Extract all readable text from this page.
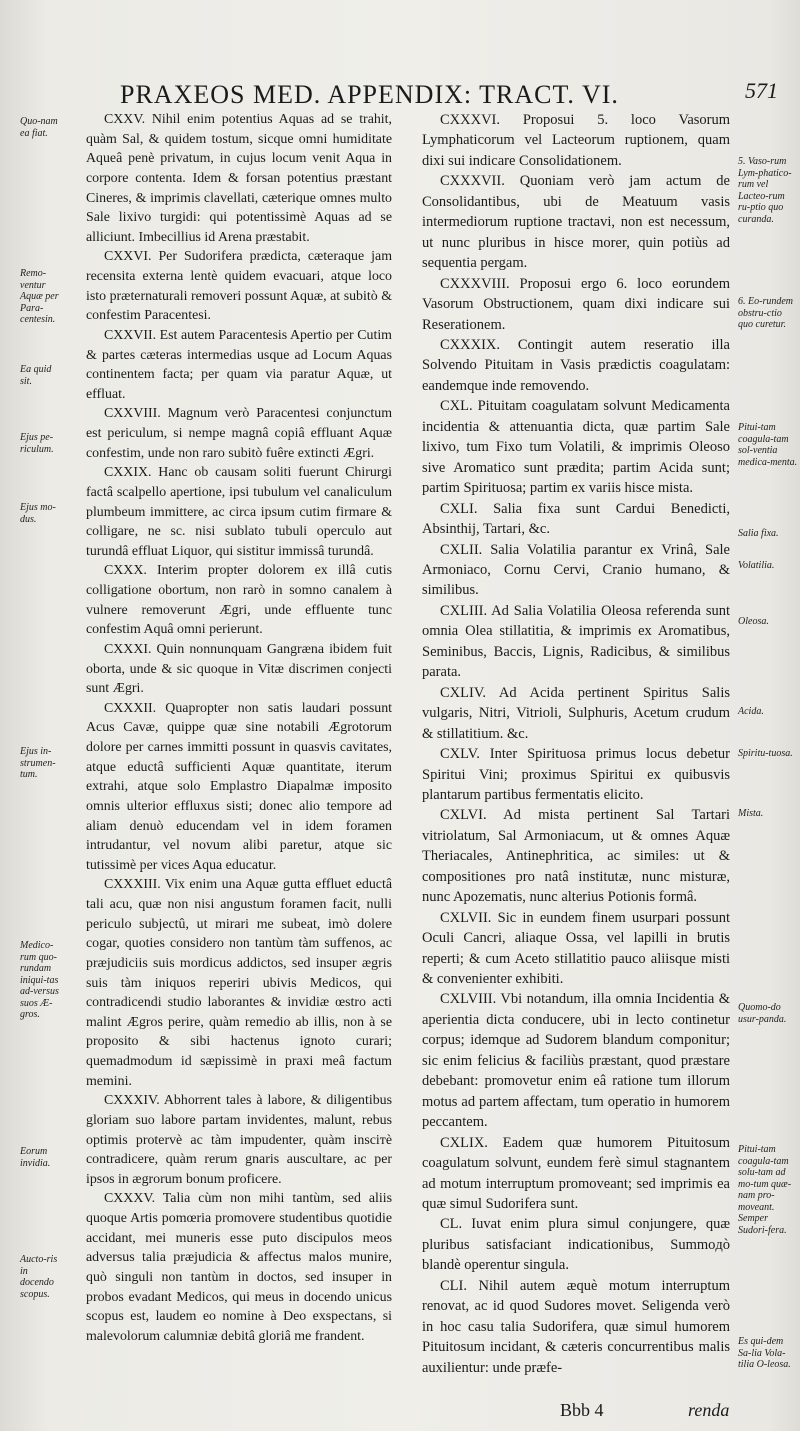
PRAXEOS MED. APPENDIX: TRACT. VI.	571

CXXV. Nihil enim potentius Aquas ad se trahit, quàm Sal, & quidem tostum, sicque omni humiditate Aqueâ penè privatum, in cujus locum venit Aqua in corpore contenta. Idem & forsan potentius præstant Cineres, & imprimis clavellati, cæterique omnes multo Sale lixivo turgidi: qui potentissimè Aquas ad se alliciunt. Imbecillius id Arena præstabit.

CXXVI. Per Sudorifera prædicta, cæteraque jam recensita externa lentè quidem evacuari, atque loco isto præternaturali removeri possunt Aquæ, at subitò & confestim Paracentesi.

CXXVII. Est autem Paracentesis Apertio per Cutim & partes cæteras intermedias usque ad Locum Aquas continentem facta; per quam via paratur Aquæ, ut effluat.

CXXVIII. Magnum verò Paracentesi conjunctum est periculum, si nempe magnâ copiâ effluant Aquæ confestim, unde non raro subitò fuêre extincti Ægri.

CXXIX. Hanc ob causam soliti fuerunt Chirurgi factâ scalpello apertione, ipsi tubulum vel canaliculum plumbeum immittere, ac circa ipsum cutim firmare & colligare, ne sc. nisi sublato tubuli operculo aut turundâ effluat Liquor, qui sistitur immissâ turundâ.

CXXX. Interim propter dolorem ex illâ cutis colligatione obortum, non rarò in somno canalem à vulnere removerunt Ægri, unde effluente tunc confestim Aquâ omni perierunt.

CXXXI. Quin nonnunquam Gangræna ibidem fuit oborta, unde & sic quoque in Vitæ discrimen conjecti sunt Ægri.

CXXXII. Quapropter non satis laudari possunt Acus Cavæ, quippe quæ sine notabili Ægrotorum dolore per carnes immitti possunt in quasvis cavitates, atque eductâ sufficienti Aquæ quantitate, iterum extrahi, atque solo Emplastro Diapalmæ imposito omnis ulterior effluxus sisti; donec alio tempore ad aliam denuò educendam vel in idem foramen intrudantur, vel novum alibi paretur, atque sic tutissimè per vices Aqua educatur.

CXXXIII. Vix enim una Aquæ gutta effluet eductâ tali acu, quæ non nisi angustum foramen facit, nulli periculo subjectû, ut mirari me subeat, imò dolere cogar, quoties considero non tantùm tàm suffenos, ac præjudiciis suis mordicus addictos, sed insuper ægris suis tàm iniquos reperiri ubivis Medicos, qui contradicendi studio laborantes & invidiæ œstro acti malint Ægros perire, quàm remedio ab illis, non à se proposito & sibi hactenus ignoto curari; quemadmodum id sæpissimè in praxi meâ factum memini.

CXXXIV. Abhorrent tales à labore, & diligentibus gloriam suo labore partam invidentes, malunt, rebus optimis protervè ac tàm impudenter, quàm insciтè contradicere, quàm rerum gnaris auscultare, ac per ipsos in ægrorum bonum proficere.

CXXXV. Talia cùm non mihi tantùm, sed aliis quoque Artis pomœria promovere studentibus quotidie accidant, mei muneris esse puto discipulos meos adversus talia præjudicia & affectus malos munire, quò singuli non tantùm in doctos, sed insuper in probos evadant Medicos, qui meus in docendo unicus scopus est, laudem eo nomine à Deo exspectans, si malevolorum calumniæ debitâ gloriâ me frandent.

CXXXVI. Proposui 5. loco Vasorum Lymphaticorum vel Lacteorum ruptionem, quam dixi sui indicare Consolidationem.

CXXXVII. Quoniam verò jam actum de Consolidantibus, ubi de Meatuum vasis intermediorum ruptione tractavi, non est necessum, ut nunc pluribus in hisce morer, quin potiùs ad sequentia pergam.

CXXXVIII. Proposui ergo 6. loco eorundem Vasorum Obstructionem, quam dixi indicare sui Reserationem.

CXXXIX. Contingit autem reseratio illa Solvendo Pituitam in Vasis prædictis coagulatam: eandemque inde removendo.

CXL. Pituitam coagulatam solvunt Medicamenta incidentia & attenuantia dicta, quæ partim Sale lixivo, tum Fixo tum Volatili, & imprimis Oleoso sive Aromatico sunt prædita; partim Acida sunt; partim Spirituosa; partim ex variis hisce mista.

CXLI. Salia fixa sunt Cardui Benedicti, Absinthij, Tartari, &c.

CXLII. Salia Volatilia parantur ex Vrinâ, Sale Armoniaco, Cornu Cervi, Cranio humano, & similibus.

CXLIII. Ad Salia Volatilia Oleosa referenda sunt omnia Olea stillatitia, & imprimis ex Aromatibus, Seminibus, Baccis, Lignis, Radicibus, & similibus parata.

CXLIV. Ad Acida pertinent Spiritus Salis vulgaris, Nitri, Vitrioli, Sulphuris, Acetum crudum & stillatitium. &c.

CXLV. Inter Spirituosa primus locus debetur Spiritui Vini; proximus Spiritui ex quibusvis plantarum partibus fermentatis elicito.

CXLVI. Ad mista pertinent Sal Tartari vitriolatum, Sal Armoniacum, ut & omnes Aquæ Theriacales, Antinephritica, ac similes: ut & compositiones pro natâ institutæ, nunc misturæ, nunc Apozematis, nunc alterius Potionis formâ.

CXLVII. Sic in eundem finem usurpari possunt Oculi Cancri, aliaque Ossa, vel lapilli in brutis reperti; & cum Aceto stillatitio pauco aliisque misti & convenienter exhibiti.

CXLVIII. Vbi notandum, illa omnia Incidentia & aperientia dicta conducere, ubi in lecto continetur corpus; idemque ad Sudorem blandum componitur; sic enim felicius & faciliùs præstant, quod præstare debebant: promovetur enim eâ ratione tum illorum motus ad partem affectam, tum operatio in humorem peccantem.

CXLIX. Eadem quæ humorem Pituitosum coagulatum solvunt, eundem ferè simul stagnantem ad motum interruptum promoveant; sed imprimis ea quæ simul Sudorifera sunt.

CL. Iuvat enim plura simul conjungere, quæ pluribus satisfaciant indicationibus, Summoдò blandè operentur singula.

CLI. Nihil autem æquè motum interruptum renovat, ac id quod Sudores movet. Seligenda verò in hoc casu talia Sudorifera, quæ simul humorem Pituitosum incidant, & cæteris concurrentibus malis auxilientur: unde præfe-

Quo-nam ea fiat.
Remo-ventur Aquæ per Para-centesin.
Ea quid sit.
Ejus pe-riculum.
Ejus mo-dus.
Ejus in-strumen-tum.
Medico-rum quo-rundam iniqui-tas ad-versus suos Æ-gros.
Eorum invidia.
Aucto-ris in docendo scopus.
5. Vaso-rum Lym-phatico-rum vel Lacteo-rum ru-ptio quo curanda.
6. Eo-rundem obstru-ctio quo curetur.
Pitui-tam coagula-tam sol-ventia medica-menta.
Salia fixa.
Volatilia.
Oleosa.
Acida.
Spiritu-tuosa.
Mista.
Quomo-do usur-panda.
Pitui-tam coagula-tam solu-tam ad mo-tum quæ-nam pro-moveant. Semper Sudori-fera.
Es qui-dem Sa-lia Vola-tilia O-leosa.
Bbb 4	renda
